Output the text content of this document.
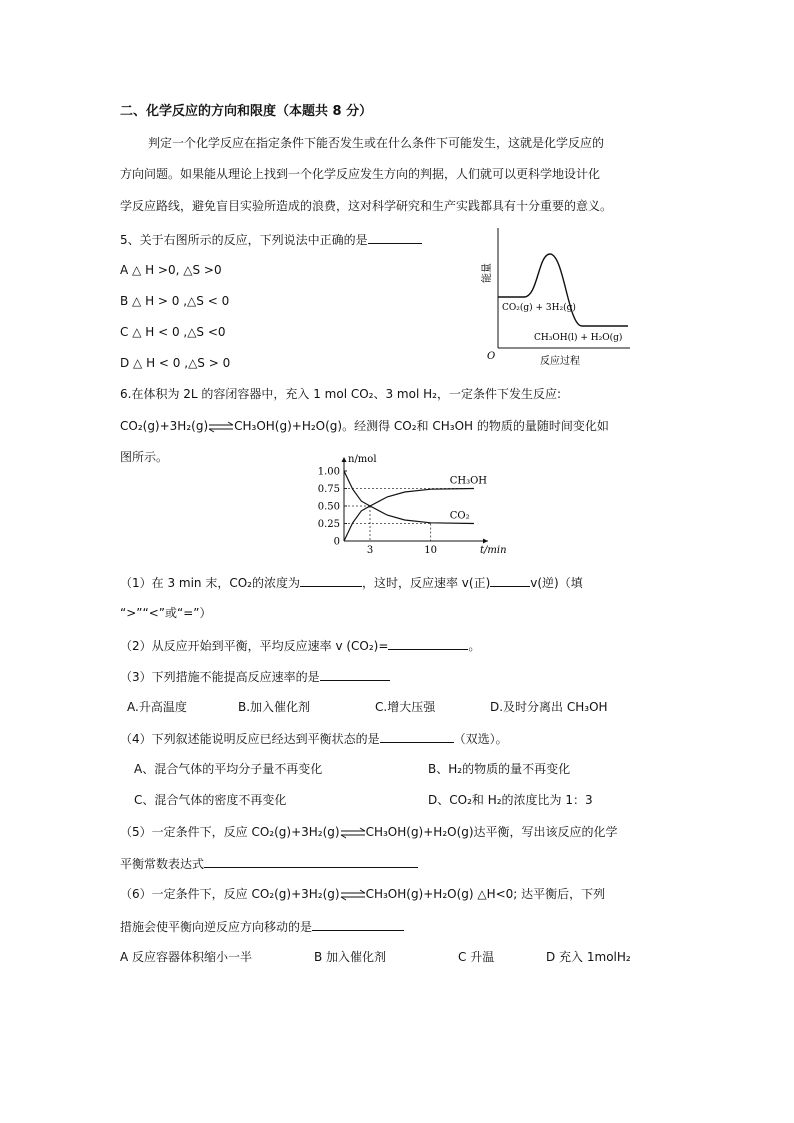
二、化学反应的方向和限度（本题共 8 分）
判定一个化学反应在指定条件下能否发生或在什么条件下可能发生，这就是化学反应的
方向问题。如果能从理论上找到一个化学反应发生方向的判据，人们就可以更科学地设计化
学反应路线，避免盲目实验所造成的浪费，这对科学研究和生产实践都具有十分重要的意义。
5、关于右图所示的反应，下列说法中正确的是
A △ H >0, △S >0
B △ H > 0 ,△S < 0
C △ H < 0 ,△S <0
D △ H < 0 ,△S > 0
能量
O	反应过程
CO₂(g) + 3H₂(g)
CH₃OH(l) + H₂O(g)
6.在体积为 2L 的容闭容器中，充入 1 mol CO₂、3 mol H₂，一定条件下发生反应:
CO₂(g)+3H₂(g)⇌CH₃OH(g)+H₂O(g)。经测得 CO₂和 CH₃OH 的物质的量随时间变化如
图所示。	n/mol
t/min
1.00
0.75
0.50
0.25
0
3	10
CH₃OH
CO₂
（1）在 3 min 末，CO₂的浓度为	，这时，反应速率 v(正)	v(逆)（填
“>”“<”或“=”）
（2）从反应开始到平衡，平均反应速率 v (CO₂)=	。
（3）下列措施不能提高反应速率的是
A.升高温度	B.加入催化剂	C.增大压强	D.及时分离出 CH₃OH
（4）下列叙述能说明反应已经达到平衡状态的是	（双选）。
A、混合气体的平均分子量不再变化	B、H₂的物质的量不再变化
C、混合气体的密度不再变化	D、CO₂和 H₂的浓度比为 1：3
（5）一定条件下，反应 CO₂(g)+3H₂(g)⇌CH₃OH(g)+H₂O(g)达平衡，写出该反应的化学
平衡常数表达式
（6）一定条件下，反应 CO₂(g)+3H₂(g)⇌CH₃OH(g)+H₂O(g) △H<0; 达平衡后，下列
措施会使平衡向逆反应方向移动的是
A 反应容器体积缩小一半	B 加入催化剂	C 升温	D 充入 1molH₂
